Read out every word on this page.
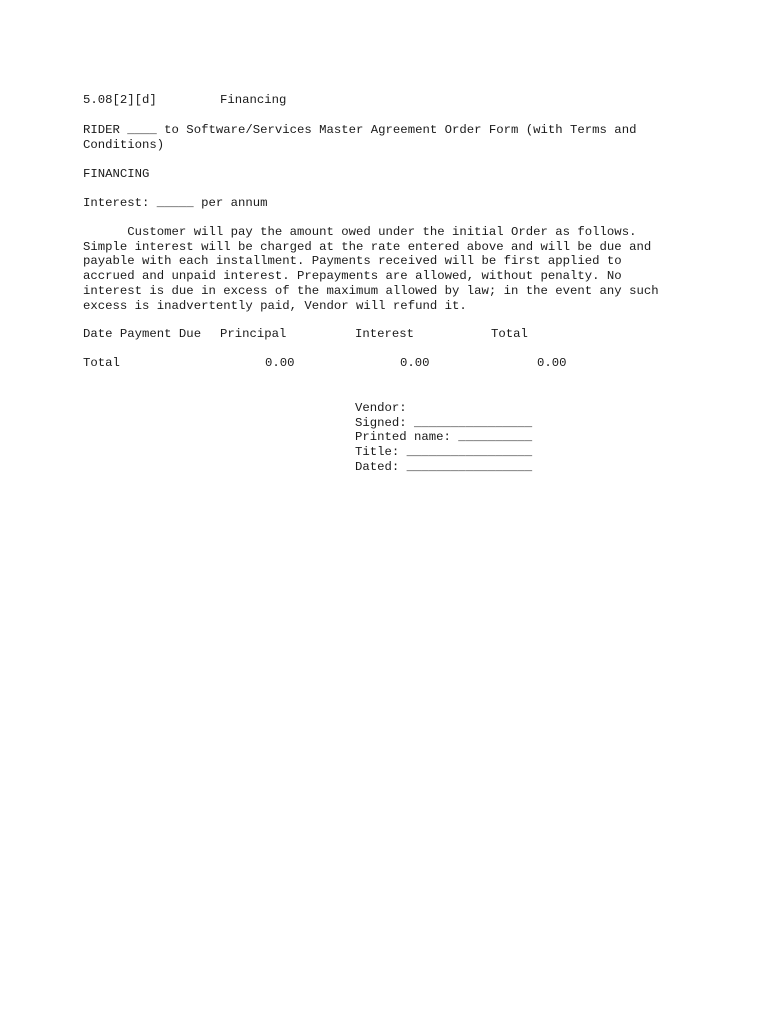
5.08[2][d]	Financing
RIDER ____ to Software/Services Master Agreement Order Form (with Terms and
Conditions)
FINANCING
Interest: _____ per annum
Customer will pay the amount owed under the initial Order as follows.
Simple interest will be charged at the rate entered above and will be due and
payable with each installment. Payments received will be first applied to
accrued and unpaid interest. Prepayments are allowed, without penalty. No
interest is due in excess of the maximum allowed by law; in the event any such
excess is inadvertently paid, Vendor will refund it.
Date Payment Due Principal	Interest	Total
Total	0.00	0.00	0.00
Vendor:
Signed: ________________
Printed name: __________
Title: _________________
Dated: _________________
